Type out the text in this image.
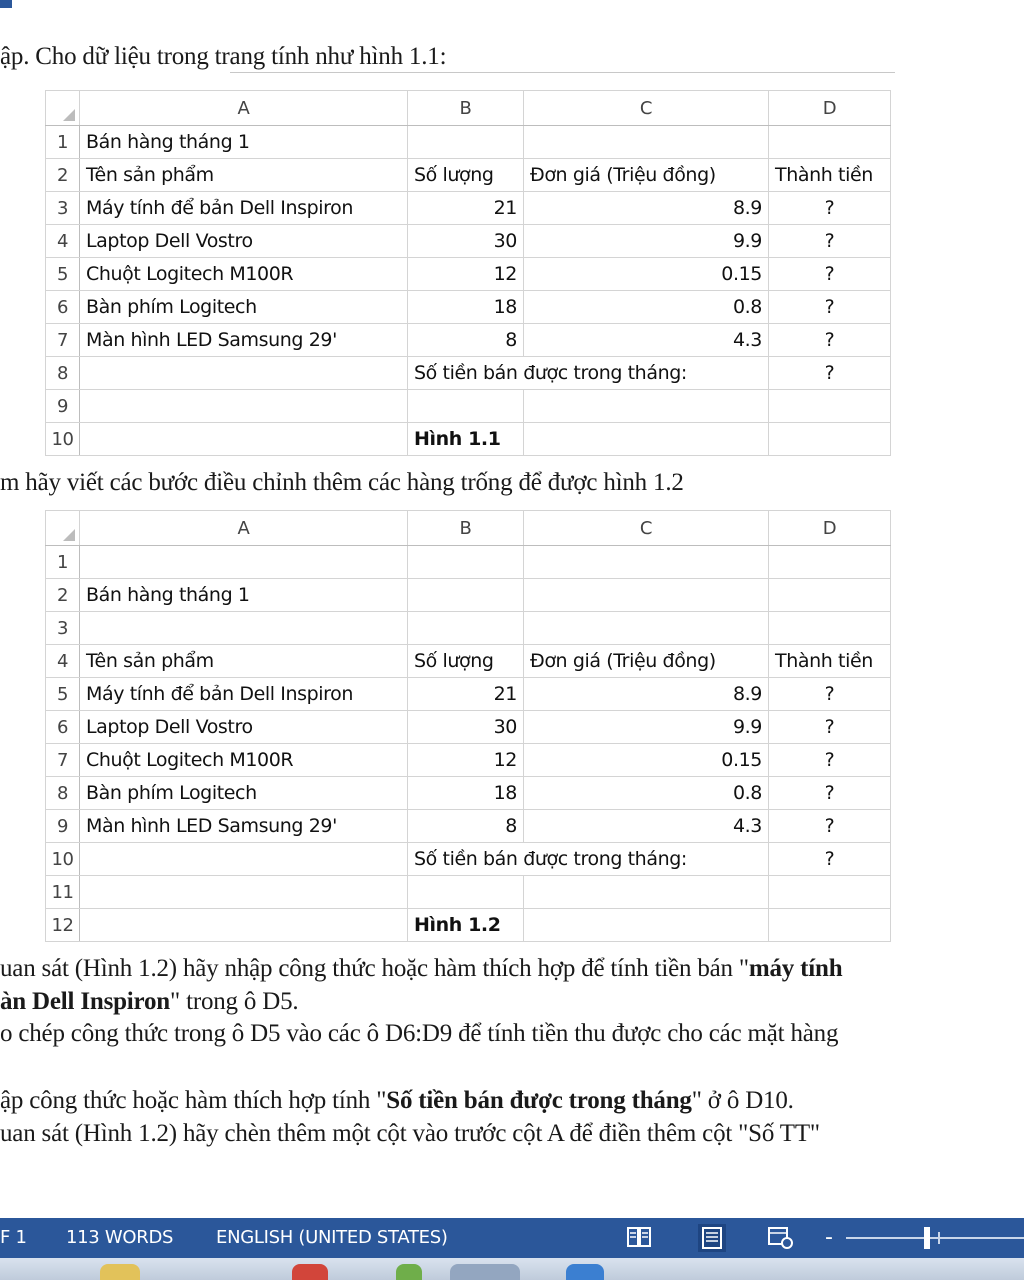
ập. Cho dữ liệu trong trang tính như hình 1.1:
	A	B	C	D
1	Bán hàng tháng 1			
2	Tên sản phẩm	Số lượng	Đơn giá (Triệu đồng)	Thành tiền
3	Máy tính để bản Dell Inspiron	21	8.9	?
4	Laptop Dell Vostro	30	9.9	?
5	Chuột Logitech M100R	12	0.15	?
6	Bàn phím Logitech	18	0.8	?
7	Màn hình LED Samsung 29'	8	4.3	?
8		Số tiền bán được trong tháng:		?
9				
10		Hình 1.1		
m hãy viết các bước điều chỉnh thêm các hàng trống để được hình 1.2
	A	B	C	D
1				
2	Bán hàng tháng 1			
3				
4	Tên sản phẩm	Số lượng	Đơn giá (Triệu đồng)	Thành tiền
5	Máy tính để bản Dell Inspiron	21	8.9	?
6	Laptop Dell Vostro	30	9.9	?
7	Chuột Logitech M100R	12	0.15	?
8	Bàn phím Logitech	18	0.8	?
9	Màn hình LED Samsung 29'	8	4.3	?
10		Số tiền bán được trong tháng:		?
11				
12		Hình 1.2		
uan sát (Hình 1.2) hãy nhập công thức hoặc hàm thích hợp để tính tiền bán "máy tính
àn Dell Inspiron" trong ô D5.
o chép công thức trong ô D5 vào các ô D6:D9 để tính tiền thu được cho các mặt hàng
ập công thức hoặc hàm thích hợp tính "Số tiền bán được trong tháng" ở ô D10.
uan sát (Hình 1.2) hãy chèn thêm một cột vào trước cột A để điền thêm cột "Số TT"
F 1 113 WORDS ENGLISH (UNITED STATES)	-
